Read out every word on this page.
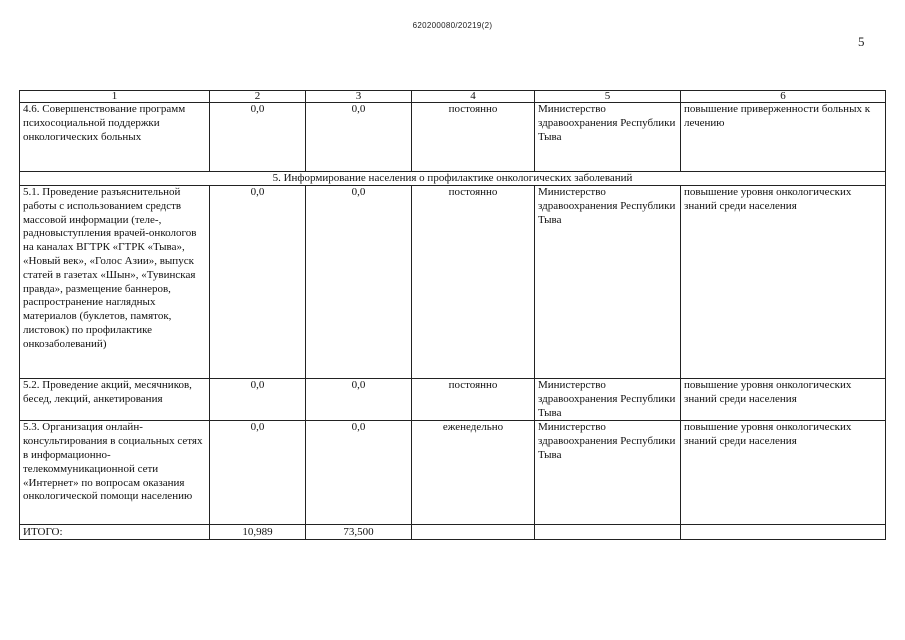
620200080/20219(2)
5
1	2	3	4	5	6
4.6. Совершенствование программ психосоциальной поддержки онкологических больных	0,0	0,0	постоянно	Министерство здравоохранения Республики Тыва	повышение приверженности больных к лечению
5. Информирование населения о профилактике онкологических заболеваний					
5.1. Проведение разъяснительной работы с использованием средств массовой информации (теле-, радновыступления врачей-онкологов на каналах ВГТРК «ГТРК «Тыва», «Новый век», «Голос Азии», выпуск статей в газетах «Шын», «Тувинская правда», размещение баннеров, распространение наглядных материалов (буклетов, памяток, листовок) по профилактике онкозаболеваний)	0,0	0,0	постоянно	Министерство здравоохранения Республики Тыва	повышение уровня онкологических знаний среди населения
5.2. Проведение акций, месячников, бесед, лекций, анкетирования	0,0	0,0	постоянно	Министерство здравоохранения Республики Тыва	повышение уровня онкологических знаний среди населения
5.3. Организация онлайн-консультирования в социальных сетях в информационно-телекоммуникационной сети «Интернет» по вопросам оказания онкологической помощи населению	0,0	0,0	еженедельно	Министерство здравоохранения Республики Тыва	повышение уровня онкологических знаний среди населения
ИТОГО:	10,989	73,500			
